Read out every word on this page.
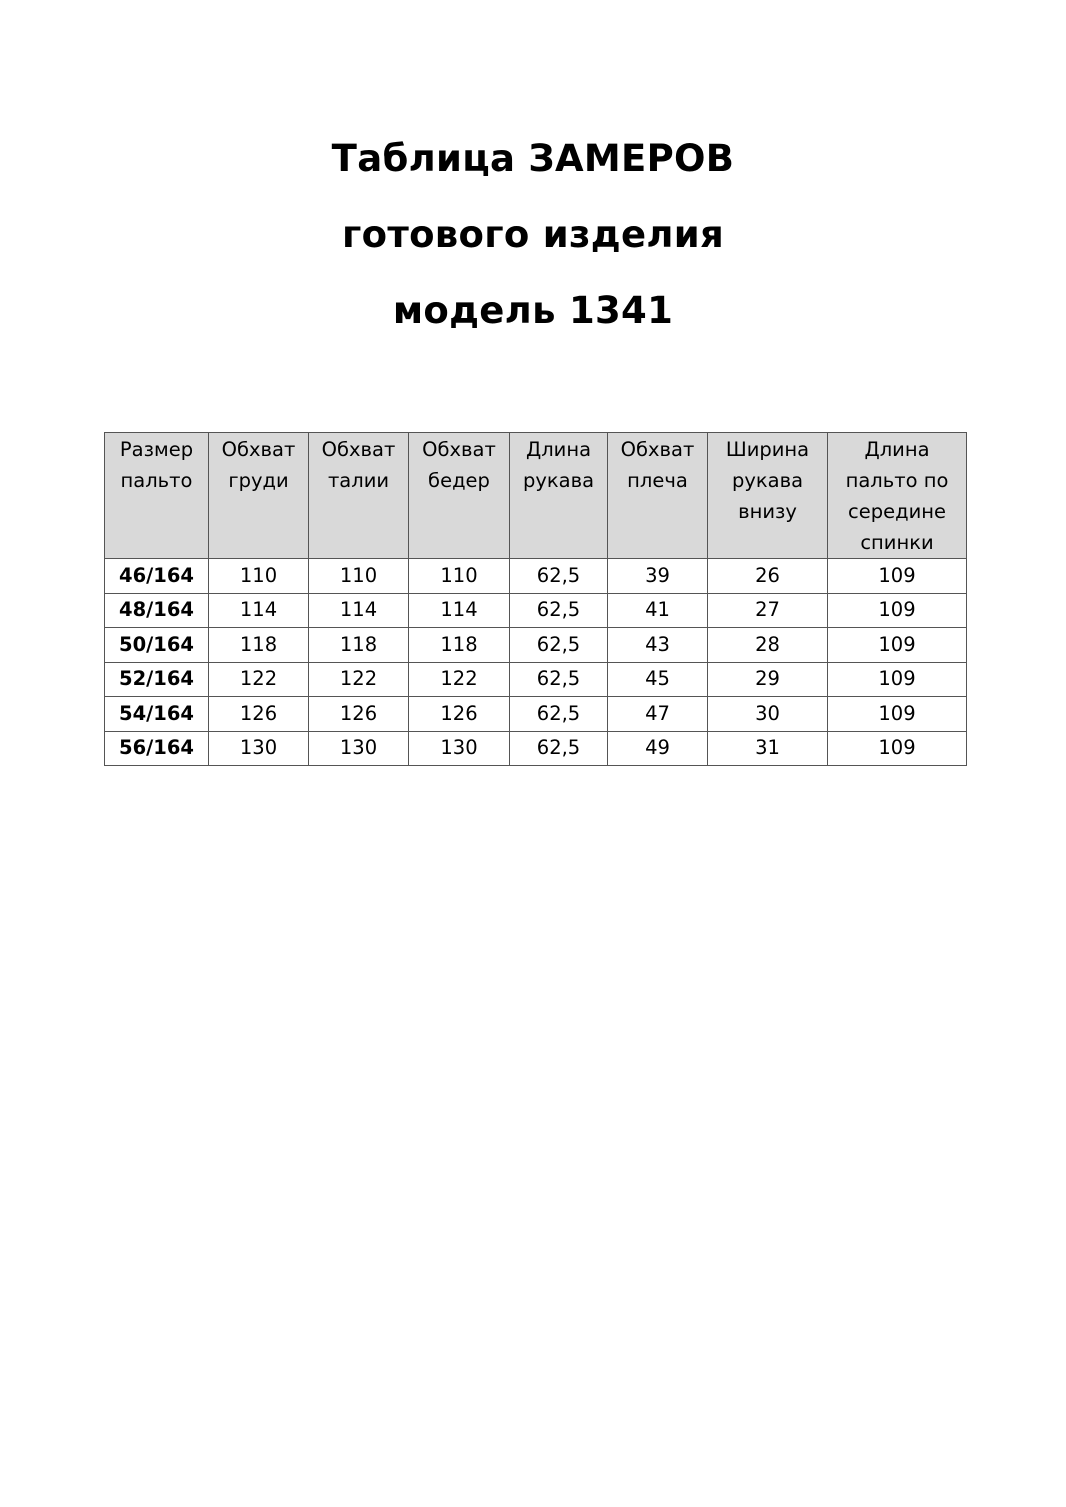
Таблица ЗАМЕРОВ
готового изделия
модель 1341
Размер пальто	Обхват груди	Обхват талии	Обхват бедер	Длина рукава	Обхват плеча	Ширина рукава внизу	Длина пальто по середине спинки

46/164	110	110	110	62,5	39	26	109
48/164	114	114	114	62,5	41	27	109
50/164	118	118	118	62,5	43	28	109
52/164	122	122	122	62,5	45	29	109
54/164	126	126	126	62,5	47	30	109
56/164	130	130	130	62,5	49	31	109
